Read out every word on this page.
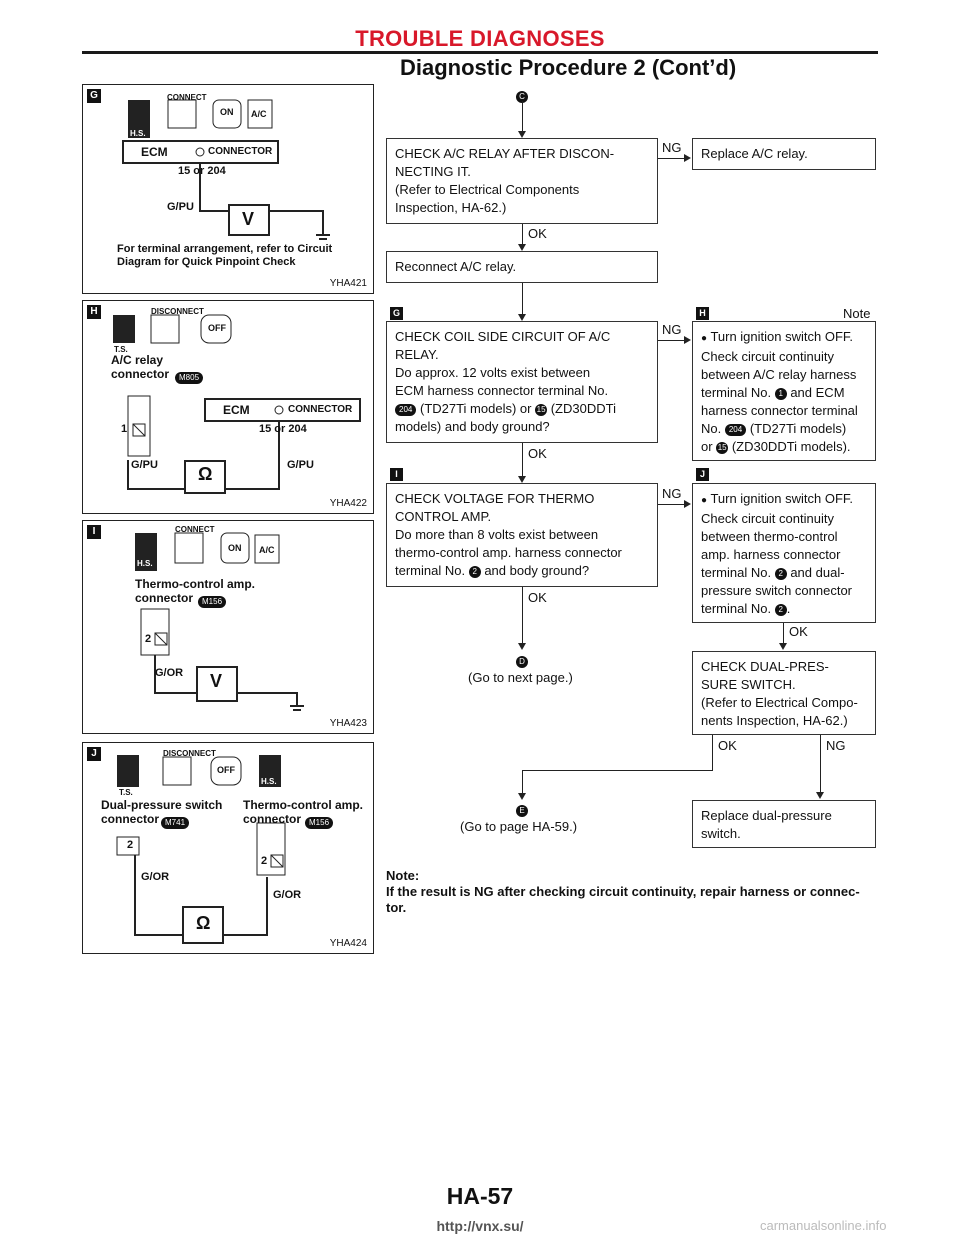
TROUBLE DIAGNOSES
Diagnostic Procedure 2 (Cont’d)
G	CONNECT
ON A/C
H.S.
ECM	CONNECTOR
15 or 204
G/PU
V
For terminal arrangement, refer to Circuit Diagram for Quick Pinpoint Check
YHA421
H	DISCONNECT
T.S.
OFF
A/C relay
connector	M805
ECM	CONNECTOR
1	15 or 204
G/PU	G/PU
Ω
YHA422
I	CONNECT
H.S.
ON A/C
Thermo-control amp.
connector	M156
2
G/OR V
YHA423
J	DISCONNECT
T.S.
OFF
H.S.
Dual-pressure switch
connector M741
Thermo-control amp.
connector M156
2
2
G/OR
G/OR
Ω
YHA424
C
CHECK A/C RELAY AFTER DISCON-
NECTING IT.
(Refer to Electrical Components
Inspection, HA-62.)
NG	Replace A/C relay.
OK
Reconnect A/C relay.
G	H	Note
CHECK COIL SIDE CIRCUIT OF A/C
RELAY.
Do approx. 12 volts exist between
ECM harness connector terminal No.
204 (TD27Ti models) or 15 (ZD30DDTi
models) and body ground?
NG
● Turn ignition switch OFF.
Check circuit continuity
between A/C relay harness
terminal No. 1 and ECM
harness connector terminal
No. 204 (TD27Ti models)
or 15 (ZD30DDTi models).
OK
I	J
CHECK VOLTAGE FOR THERMO
CONTROL AMP.
Do more than 8 volts exist between
thermo-control amp. harness connector
terminal No. 2 and body ground?
NG ● Turn ignition switch OFF.
Check circuit continuity
between thermo-control
amp. harness connector
terminal No. 2 and dual-
pressure switch connector
terminal No. 2 .
OK
D
(Go to next page.)
OK
CHECK DUAL-PRES-
SURE SWITCH.
(Refer to Electrical Compo-
nents Inspection, HA-62.)
OK	NG
E
(Go to page HA-59.)
Replace dual-pressure
switch.
Note:
If the result is NG after checking circuit continuity, repair harness or connec-
tor.
HA-57
http://vnx.su/	carmanualsonline.info
